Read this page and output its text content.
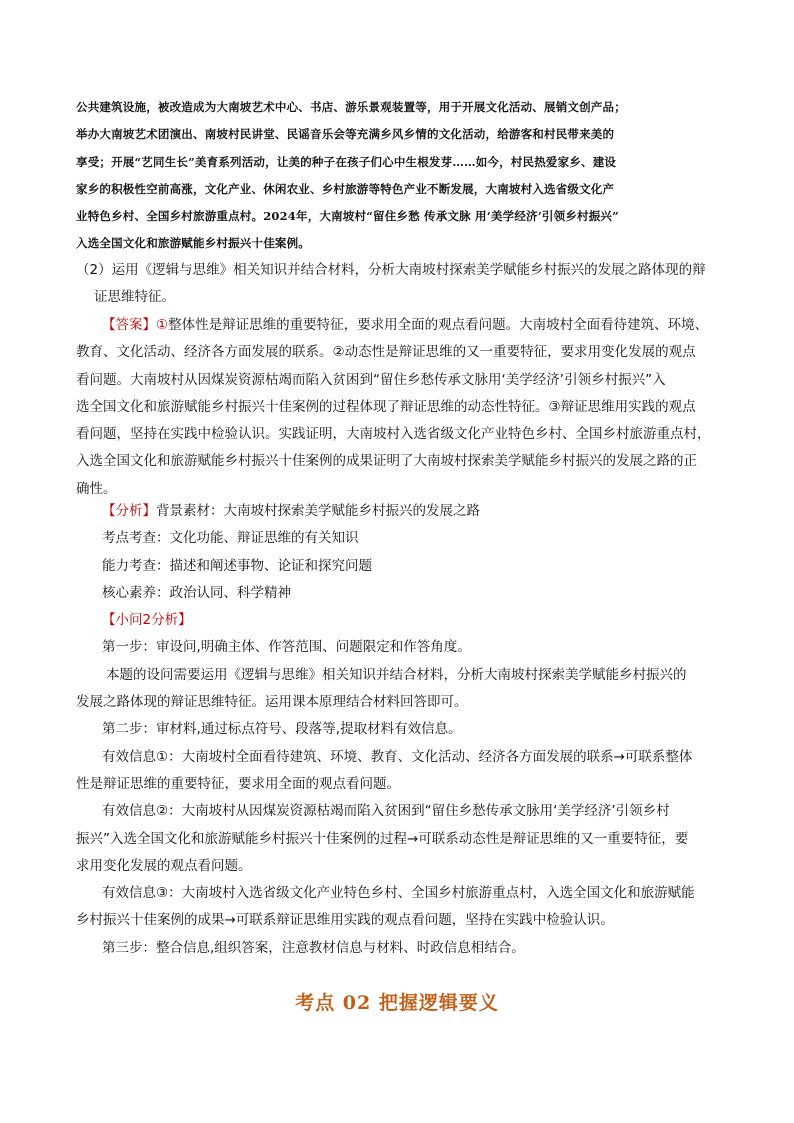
公共建筑设施，被改造成为大南坡艺术中心、书店、游乐景观装置等，用于开展文化活动、展销文创产品；
举办大南坡艺术团演出、南坡村民讲堂、民谣音乐会等充满乡风乡情的文化活动，给游客和村民带来美的
享受；开展“艺同生长”美育系列活动，让美的种子在孩子们心中生根发芽……如今，村民热爱家乡、建设
家乡的积极性空前高涨，文化产业、休闲农业、乡村旅游等特色产业不断发展，大南坡村入选省级文化产
业特色乡村、全国乡村旅游重点村。2024年，大南坡村“留住乡愁 传承文脉 用‘美学经济’引领乡村振兴”
入选全国文化和旅游赋能乡村振兴十佳案例。
（2）运用《逻辑与思维》相关知识并结合材料，分析大南坡村探索美学赋能乡村振兴的发展之路体现的辩
证思维特征。
【答案】①整体性是辩证思维的重要特征，要求用全面的观点看问题。大南坡村全面看待建筑、环境、
教育、文化活动、经济各方面发展的联系。②动态性是辩证思维的又一重要特征，要求用变化发展的观点
看问题。大南坡村从因煤炭资源枯竭而陷入贫困到“留住乡愁传承文脉用‘美学经济’引领乡村振兴”入
选全国文化和旅游赋能乡村振兴十佳案例的过程体现了辩证思维的动态性特征。③辩证思维用实践的观点
看问题，坚持在实践中检验认识。实践证明，大南坡村入选省级文化产业特色乡村、全国乡村旅游重点村，
入选全国文化和旅游赋能乡村振兴十佳案例的成果证明了大南坡村探索美学赋能乡村振兴的发展之路的正
确性。
【分析】背景素材：大南坡村探索美学赋能乡村振兴的发展之路
考点考查：文化功能、辩证思维的有关知识
能力考查：描述和阐述事物、论证和探究问题
核心素养：政治认同、科学精神
【小问2分析】
第一步：审设问,明确主体、作答范围、问题限定和作答角度。
本题的设问需要运用《逻辑与思维》相关知识并结合材料，分析大南坡村探索美学赋能乡村振兴的
发展之路体现的辩证思维特征。运用课本原理结合材料回答即可。
第二步：审材料,通过标点符号、段落等,提取材料有效信息。
有效信息①：大南坡村全面看待建筑、环境、教育、文化活动、经济各方面发展的联系→可联系整体
性是辩证思维的重要特征，要求用全面的观点看问题。
有效信息②：大南坡村从因煤炭资源枯竭而陷入贫困到“留住乡愁传承文脉用‘美学经济’引领乡村
振兴”入选全国文化和旅游赋能乡村振兴十佳案例的过程→可联系动态性是辩证思维的又一重要特征，要
求用变化发展的观点看问题。
有效信息③：大南坡村入选省级文化产业特色乡村、全国乡村旅游重点村，入选全国文化和旅游赋能
乡村振兴十佳案例的成果→可联系辩证思维用实践的观点看问题，坚持在实践中检验认识。
第三步：整合信息,组织答案，注意教材信息与材料、时政信息相结合。
考点 02 把握逻辑要义
